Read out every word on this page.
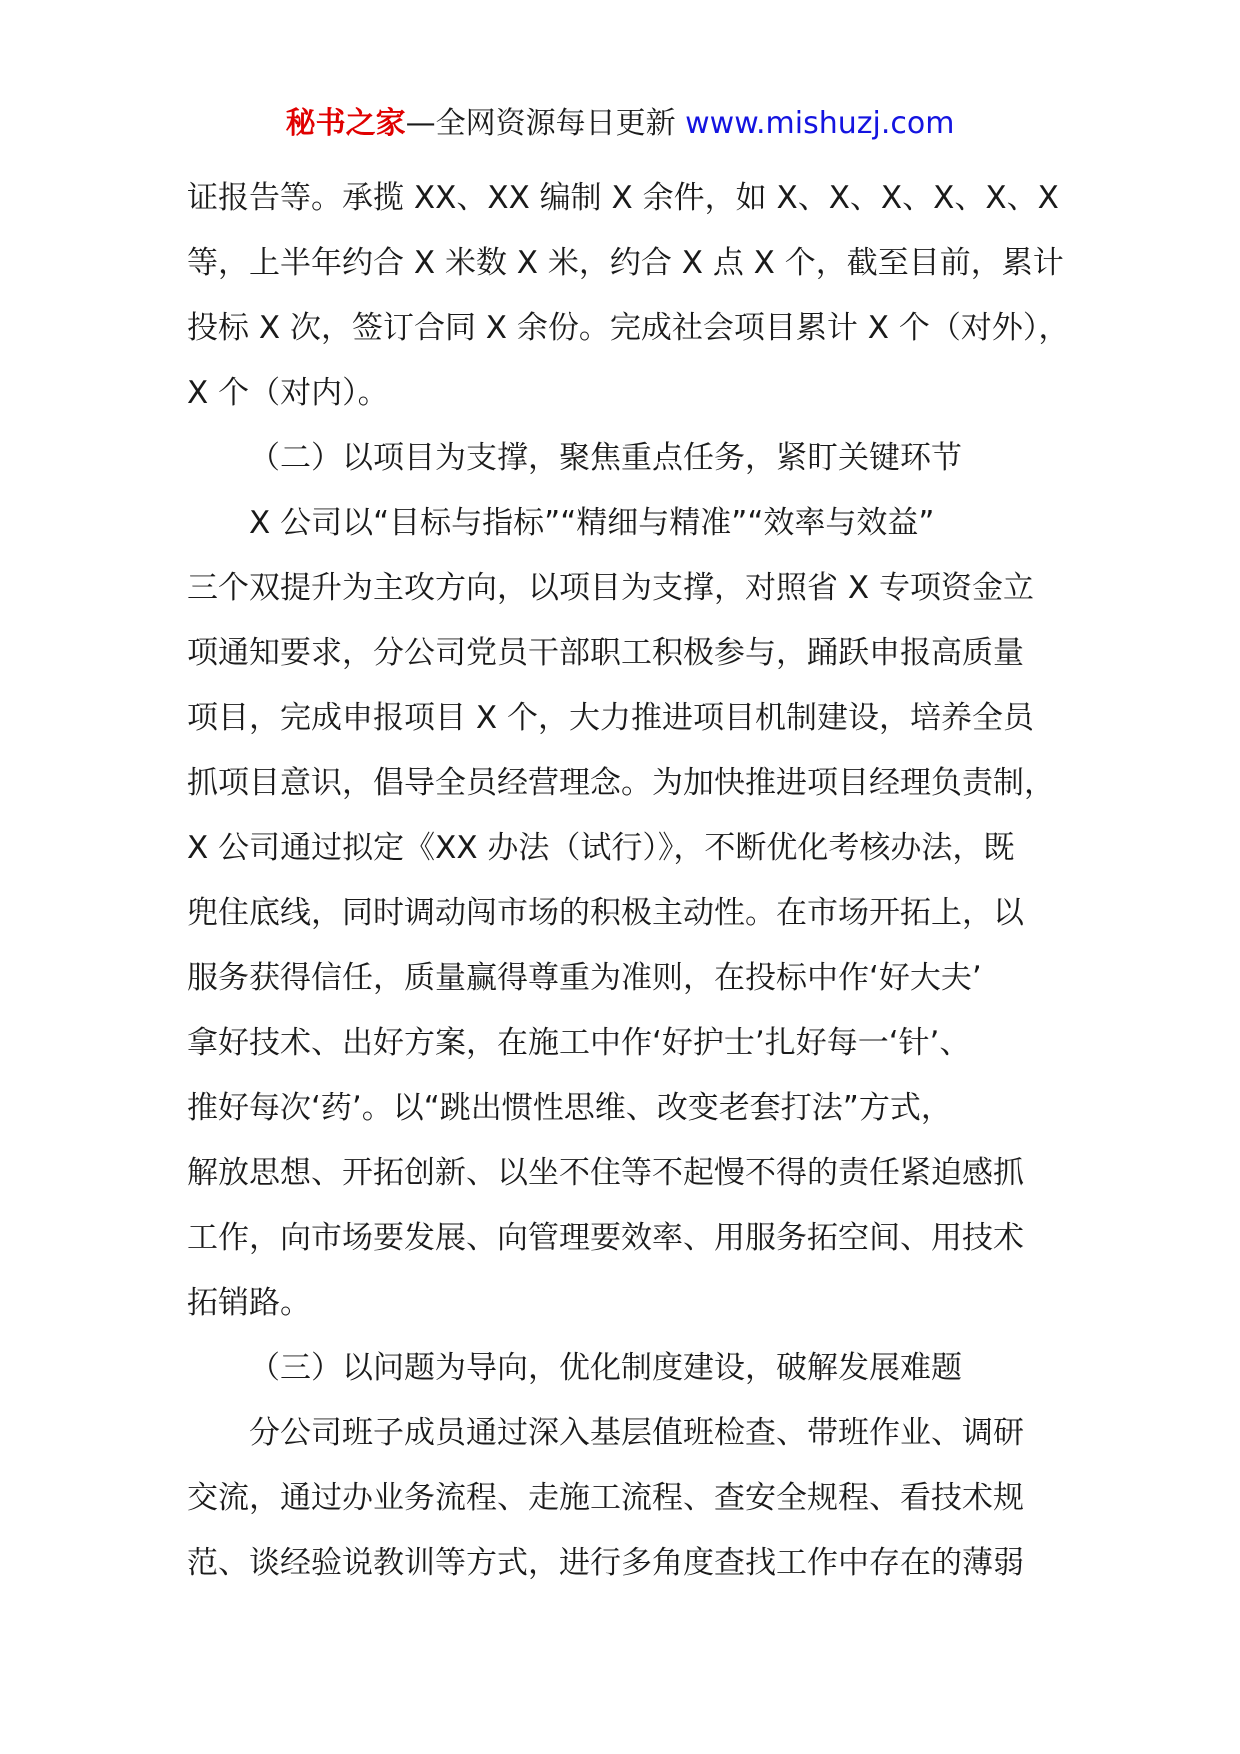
秘书之家—全网资源每日更新 www.mishuzj.com
证报告等。承揽 XX、XX 编制 X 余件，如 X、X、X、X、X、X
等，上半年约合 X 米数 X 米，约合 X 点 X 个，截至目前，累计
投标 X 次，签订合同 X 余份。完成社会项目累计 X 个（对外），
X 个（对内）。
（二）以项目为支撑，聚焦重点任务，紧盯关键环节
X 公司以“目标与指标”“精细与精准”“效率与效益”
三个双提升为主攻方向，以项目为支撑，对照省 X 专项资金立
项通知要求，分公司党员干部职工积极参与，踊跃申报高质量
项目，完成申报项目 X 个，大力推进项目机制建设，培养全员
抓项目意识，倡导全员经营理念。为加快推进项目经理负责制，
X 公司通过拟定《XX 办法（试行）》，不断优化考核办法，既
兜住底线，同时调动闯市场的积极主动性。在市场开拓上，以
服务获得信任，质量赢得尊重为准则，在投标中作‘好大夫’
拿好技术、出好方案，在施工中作‘好护士’扎好每一‘针’、
推好每次‘药’。以“跳出惯性思维、改变老套打法”方式，
解放思想、开拓创新、以坐不住等不起慢不得的责任紧迫感抓
工作，向市场要发展、向管理要效率、用服务拓空间、用技术
拓销路。
（三）以问题为导向，优化制度建设，破解发展难题
分公司班子成员通过深入基层值班检查、带班作业、调研
交流，通过办业务流程、走施工流程、查安全规程、看技术规
范、谈经验说教训等方式，进行多角度查找工作中存在的薄弱
